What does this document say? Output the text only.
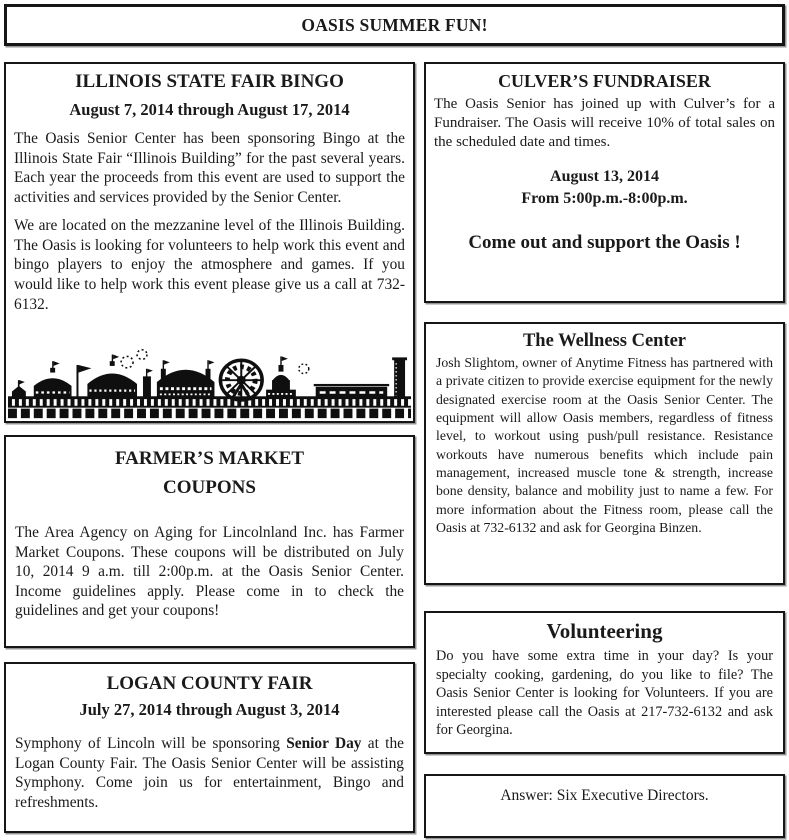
OASIS SUMMER FUN!
ILLINOIS STATE FAIR BINGO
August 7, 2014 through August 17, 2014

The Oasis Senior Center has been sponsoring Bingo at the Illinois State Fair “Illinois Building” for the past several years. Each year the proceeds from this event are used to support the activities and services provided by the Senior Center.

We are located on the mezzanine level of the Illinois Building. The Oasis is looking for volunteers to help work this event and bingo players to enjoy the atmosphere and games. If you would like to help work this event please give us a call at 732-6132.

FARMER’S MARKET
COUPONS

The Area Agency on Aging for Lincolnland Inc. has Farmer Market Coupons. These coupons will be distributed on July 10, 2014 9 a.m. till 2:00p.m. at the Oasis Senior Center. Income guidelines apply. Please come in to check the guidelines and get your coupons!

LOGAN COUNTY FAIR
July 27, 2014 through August 3, 2014

Symphony of Lincoln will be sponsoring Senior Day at the Logan County Fair. The Oasis Senior Center will be assisting Symphony. Come join us for entertainment, Bingo and refreshments.

CULVER’S FUNDRAISER

The Oasis Senior has joined up with Culver’s for a Fundraiser. The Oasis will receive 10% of total sales on the scheduled date and times.

August 13, 2014
From 5:00p.m.-8:00p.m.
Come out and support the Oasis !
The Wellness Center

Josh Slightom, owner of Anytime Fitness has partnered with a private citizen to provide exercise equipment for the newly designated exercise room at the Oasis Senior Center. The equipment will allow Oasis members, regardless of fitness level, to workout using push/pull resistance. Resistance workouts have numerous benefits which include pain management, increased muscle tone & strength, increase bone density, balance and mobility just to name a few. For more information about the Fitness room, please call the Oasis at 732-6132 and ask for Georgina Binzen.

Volunteering

Do you have some extra time in your day? Is your specialty cooking, gardening, do you like to file? The Oasis Senior Center is looking for Volunteers. If you are interested please call the Oasis at 217-732-6132 and ask for Georgina.

Answer: Six Executive Directors.
